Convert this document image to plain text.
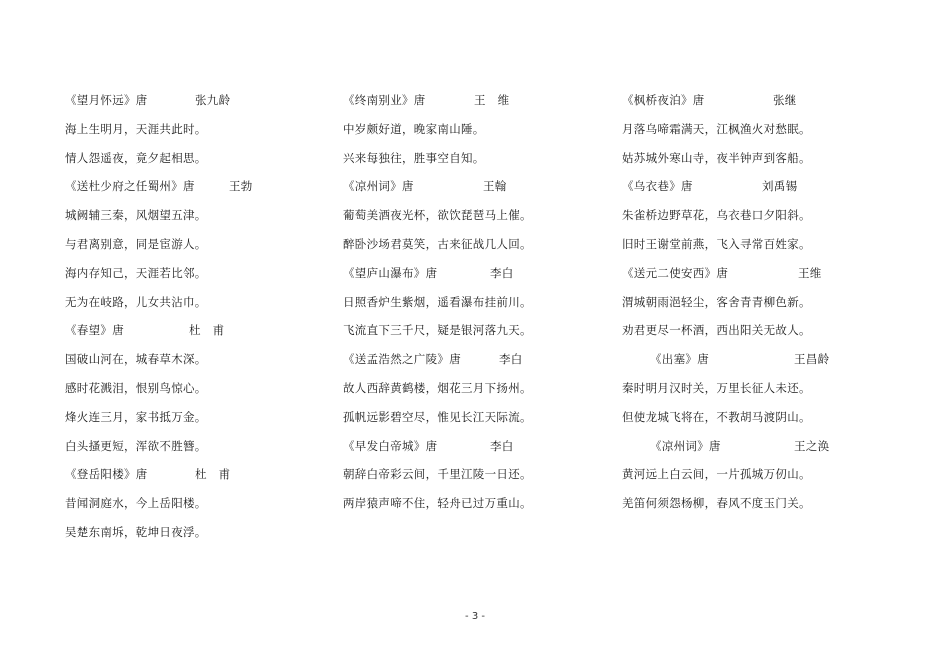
《望月怀远》唐	张九龄
海上生明月，天涯共此时。
情人怨遥夜，竟夕起相思。
《送杜少府之任蜀州》唐	王勃
城阙辅三秦，风烟望五津。
与君离别意，同是宦游人。
海内存知己，天涯若比邻。
无为在岐路，儿女共沾巾。
《春望》唐	杜　甫
国破山河在，城春草木深。
感时花溅泪，恨别鸟惊心。
烽火连三月，家书抵万金。
白头搔更短，浑欲不胜簪。
《登岳阳楼》唐	杜　甫
昔闻洞庭水，今上岳阳楼。
吴楚东南坼，乾坤日夜浮。
《终南别业》唐	王　维
中岁颇好道，晚家南山陲。
兴来每独往，胜事空自知。
《凉州词》唐	王翰
葡萄美酒夜光杯，欲饮琵琶马上催。
醉卧沙场君莫笑，古来征战几人回。
《望庐山瀑布》唐	李白
日照香炉生紫烟，遥看瀑布挂前川。
飞流直下三千尺，疑是银河落九天。
《送孟浩然之广陵》唐	李白
故人西辞黄鹤楼，烟花三月下扬州。
孤帆远影碧空尽，惟见长江天际流。
《早发白帝城》唐	李白
朝辞白帝彩云间，千里江陵一日还。
两岸猿声啼不住，轻舟已过万重山。
《枫桥夜泊》唐	张继
月落乌啼霜满天，江枫渔火对愁眠。
姑苏城外寒山寺，夜半钟声到客船。
《乌衣巷》唐	刘禹锡
朱雀桥边野草花，乌衣巷口夕阳斜。
旧时王谢堂前燕，飞入寻常百姓家。
《送元二使安西》唐	王维
渭城朝雨浥轻尘，客舍青青柳色新。
劝君更尽一杯酒，西出阳关无故人。
《出塞》唐	王昌龄
秦时明月汉时关，万里长征人未还。
但使龙城飞将在，不教胡马渡阴山。
《凉州词》唐	王之涣
黄河远上白云间，一片孤城万仞山。
羌笛何须怨杨柳，春风不度玉门关。
- 3 -
